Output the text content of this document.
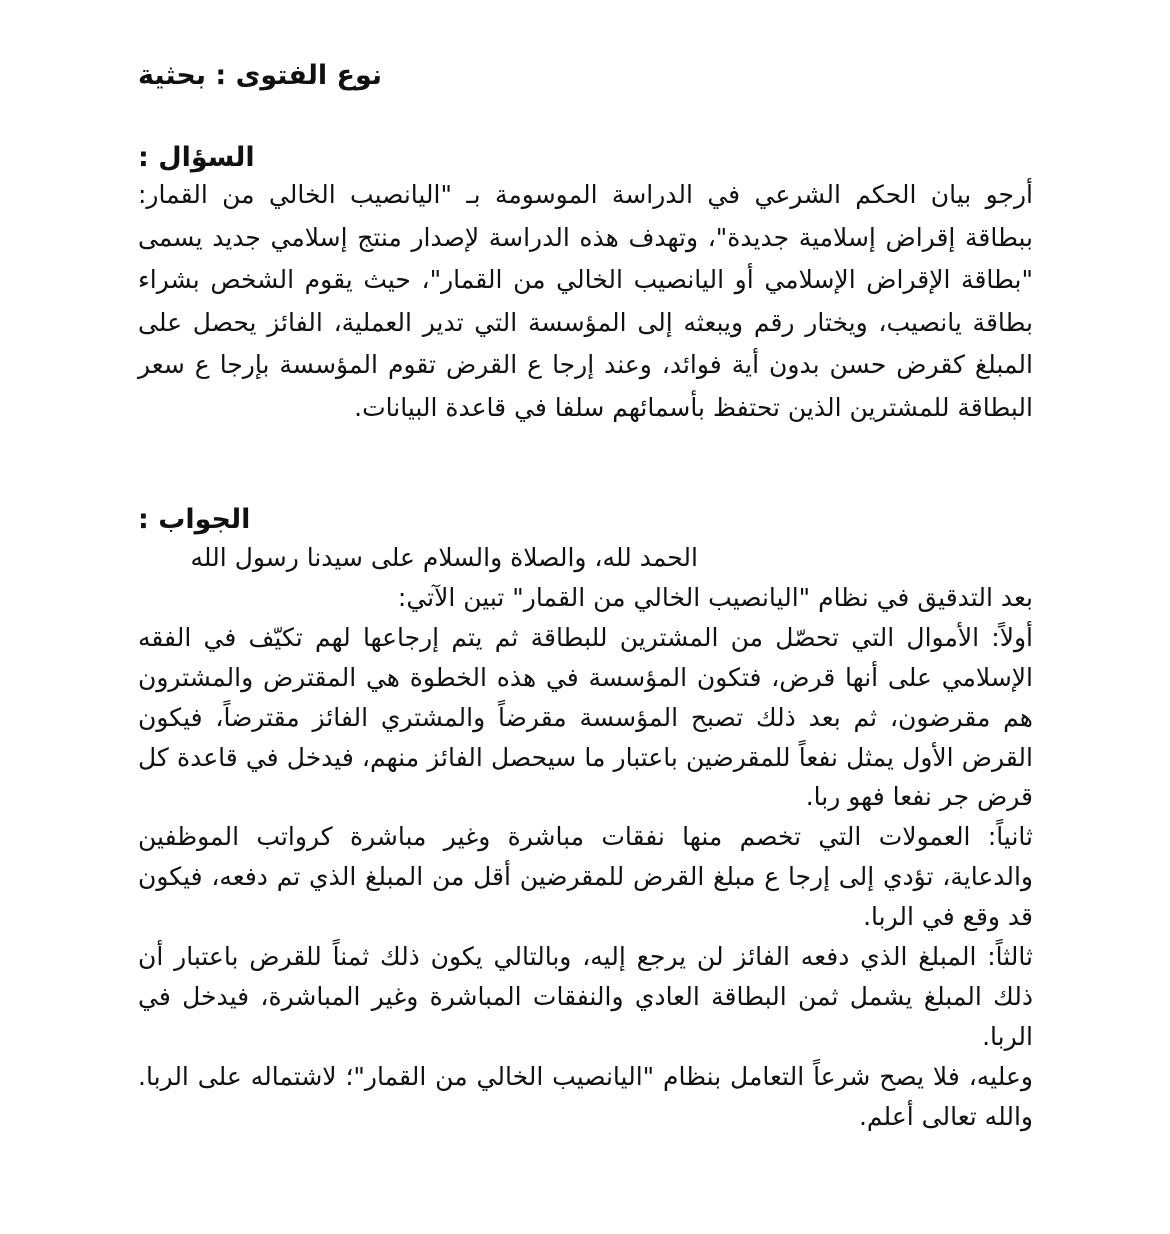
نوع الفتوى : بحثية
السؤال :

أرجو بيان الحكم الشرعي في الدراسة الموسومة بـ "اليانصيب الخالي من القمار: ببطاقة إقراض إسلامية جديدة"، وتهدف هذه الدراسة لإصدار منتج إسلامي جديد يسمى "بطاقة الإقراض الإسلامي أو اليانصيب الخالي من القمار"، حيث يقوم الشخص بشراء بطاقة يانصيب، ويختار رقم ويبعثه إلى المؤسسة التي تدير العملية، الفائز يحصل على المبلغ كقرض حسن بدون أية فوائد، وعند إرجا ع القرض تقوم المؤسسة بإرجا ع سعر البطاقة للمشترين الذين تحتفظ بأسمائهم سلفا في قاعدة البيانات.

الجواب :

الحمد لله، والصلاة والسلام على سيدنا رسول الله

بعد التدقيق في نظام "اليانصيب الخالي من القمار" تبين الآتي:

أولاً: الأموال التي تحصّل من المشترين للبطاقة ثم يتم إرجاعها لهم تكيّف في الفقه الإسلامي على أنها قرض، فتكون المؤسسة في هذه الخطوة هي المقترض والمشترون هم مقرضون، ثم بعد ذلك تصبح المؤسسة مقرضاً والمشتري الفائز مقترضاً، فيكون القرض الأول يمثل نفعاً للمقرضين باعتبار ما سيحصل الفائز منهم، فيدخل في قاعدة كل قرض جر نفعا فهو ربا.

ثانياً: العمولات التي تخصم منها نفقات مباشرة وغير مباشرة كرواتب الموظفين والدعاية، تؤدي إلى إرجا ع مبلغ القرض للمقرضين أقل من المبلغ الذي تم دفعه، فيكون قد وقع في الربا.

ثالثاً: المبلغ الذي دفعه الفائز لن يرجع إليه، وبالتالي يكون ذلك ثمناً للقرض باعتبار أن ذلك المبلغ يشمل ثمن البطاقة العادي والنفقات المباشرة وغير المباشرة، فيدخل في الربا.

وعليه، فلا يصح شرعاً التعامل بنظام "اليانصيب الخالي من القمار"؛ لاشتماله على الربا. والله تعالى أعلم.
